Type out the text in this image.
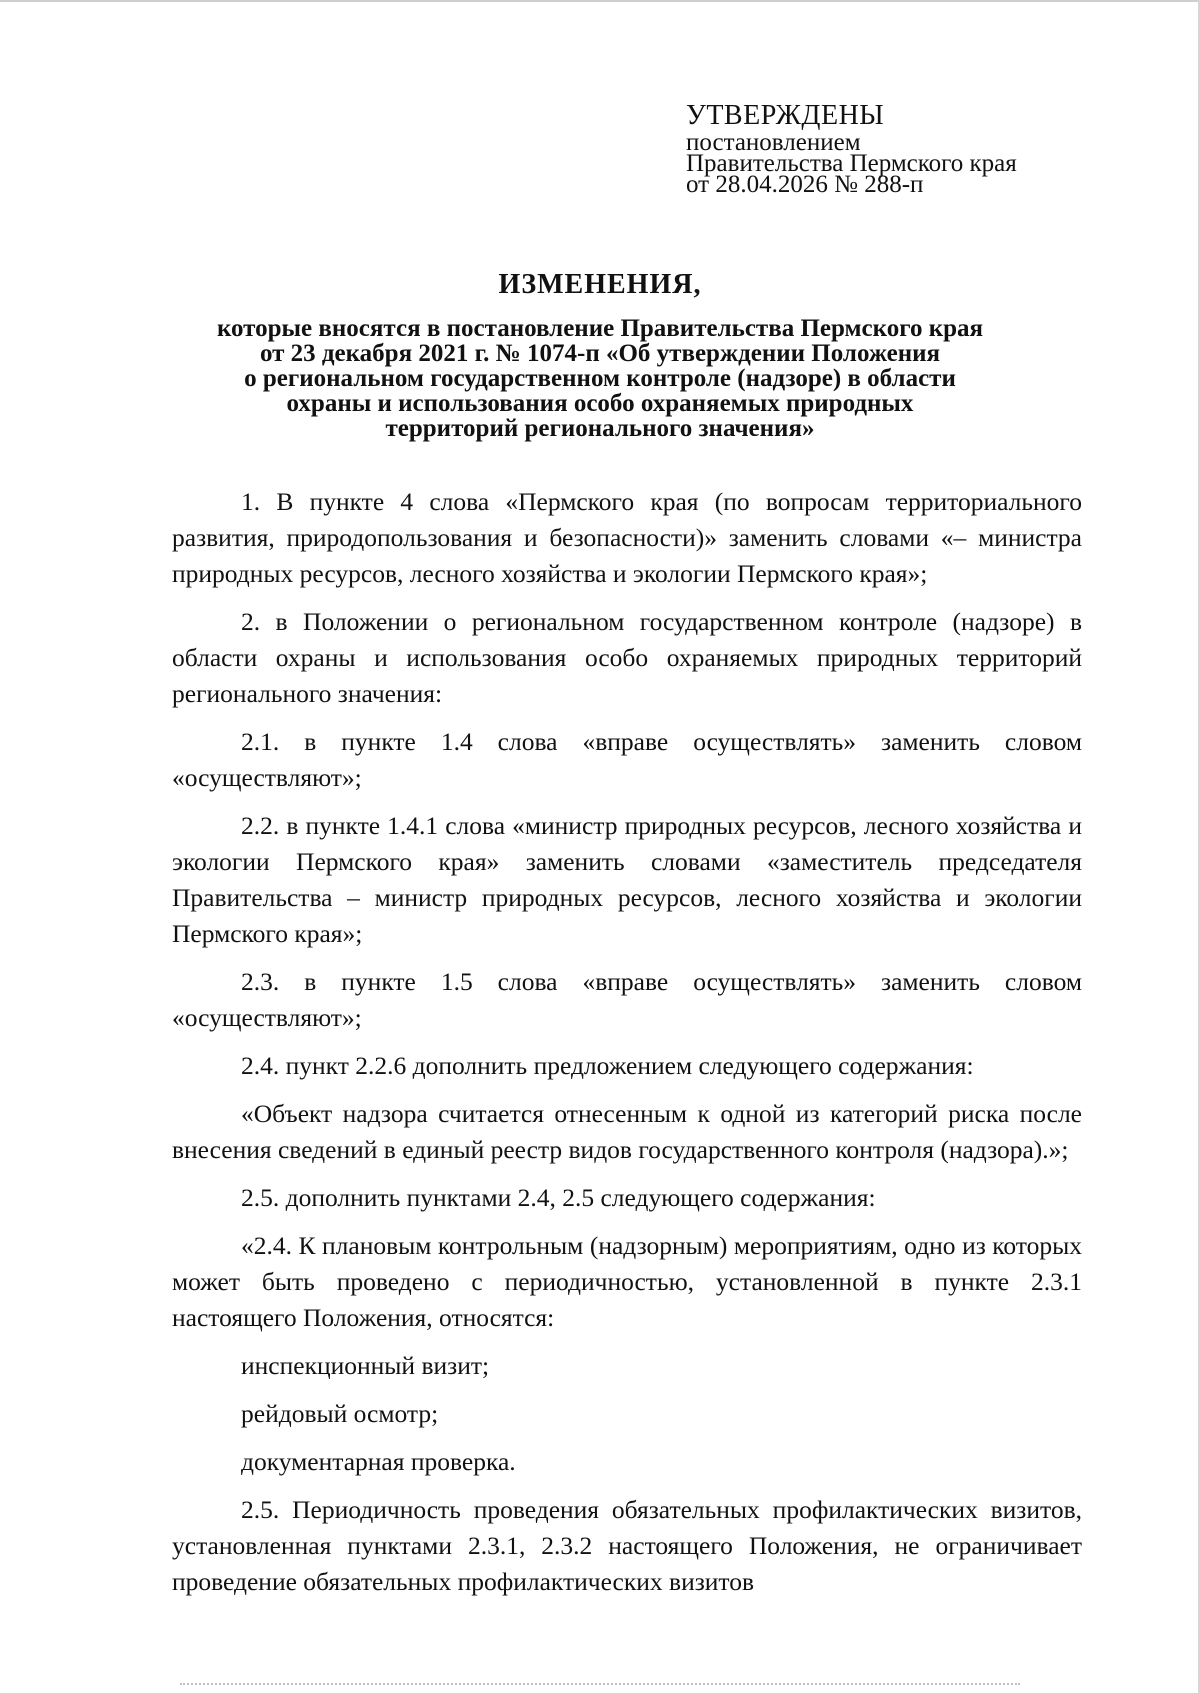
УТВЕРЖДЕНЫ
постановлением
Правительства Пермского края
от 28.04.2026 № 288-п
ИЗМЕНЕНИЯ,
которые вносятся в постановление Правительства Пермского края
от 23 декабря 2021 г. № 1074-п «Об утверждении Положения
о региональном государственном контроле (надзоре) в области
охраны и использования особо охраняемых природных
территорий регионального значения»

1. В пункте 4 слова «Пермского края (по вопросам территориального развития, природопользования и безопасности)» заменить словами «– министра природных ресурсов, лесного хозяйства и экологии Пермского края»;

2. в Положении о региональном государственном контроле (надзоре) в области охраны и использования особо охраняемых природных территорий регионального значения:

2.1. в пункте 1.4 слова «вправе осуществлять» заменить словом «осуществляют»;

2.2. в пункте 1.4.1 слова «министр природных ресурсов, лесного хозяйства и экологии Пермского края» заменить словами «заместитель председателя Правительства – министр природных ресурсов, лесного хозяйства и экологии Пермского края»;

2.3. в пункте 1.5 слова «вправе осуществлять» заменить словом «осуществляют»;

2.4. пункт 2.2.6 дополнить предложением следующего содержания:

«Объект надзора считается отнесенным к одной из категорий риска после внесения сведений в единый реестр видов государственного контроля (надзора).»;

2.5. дополнить пунктами 2.4, 2.5 следующего содержания:

«2.4. К плановым контрольным (надзорным) мероприятиям, одно из которых может быть проведено с периодичностью, установленной в пункте 2.3.1 настоящего Положения, относятся:

инспекционный визит;

рейдовый осмотр;

документарная проверка.

2.5. Периодичность проведения обязательных профилактических визитов, установленная пунктами 2.3.1, 2.3.2 настоящего Положения, не ограничивает проведение обязательных профилактических визитов
